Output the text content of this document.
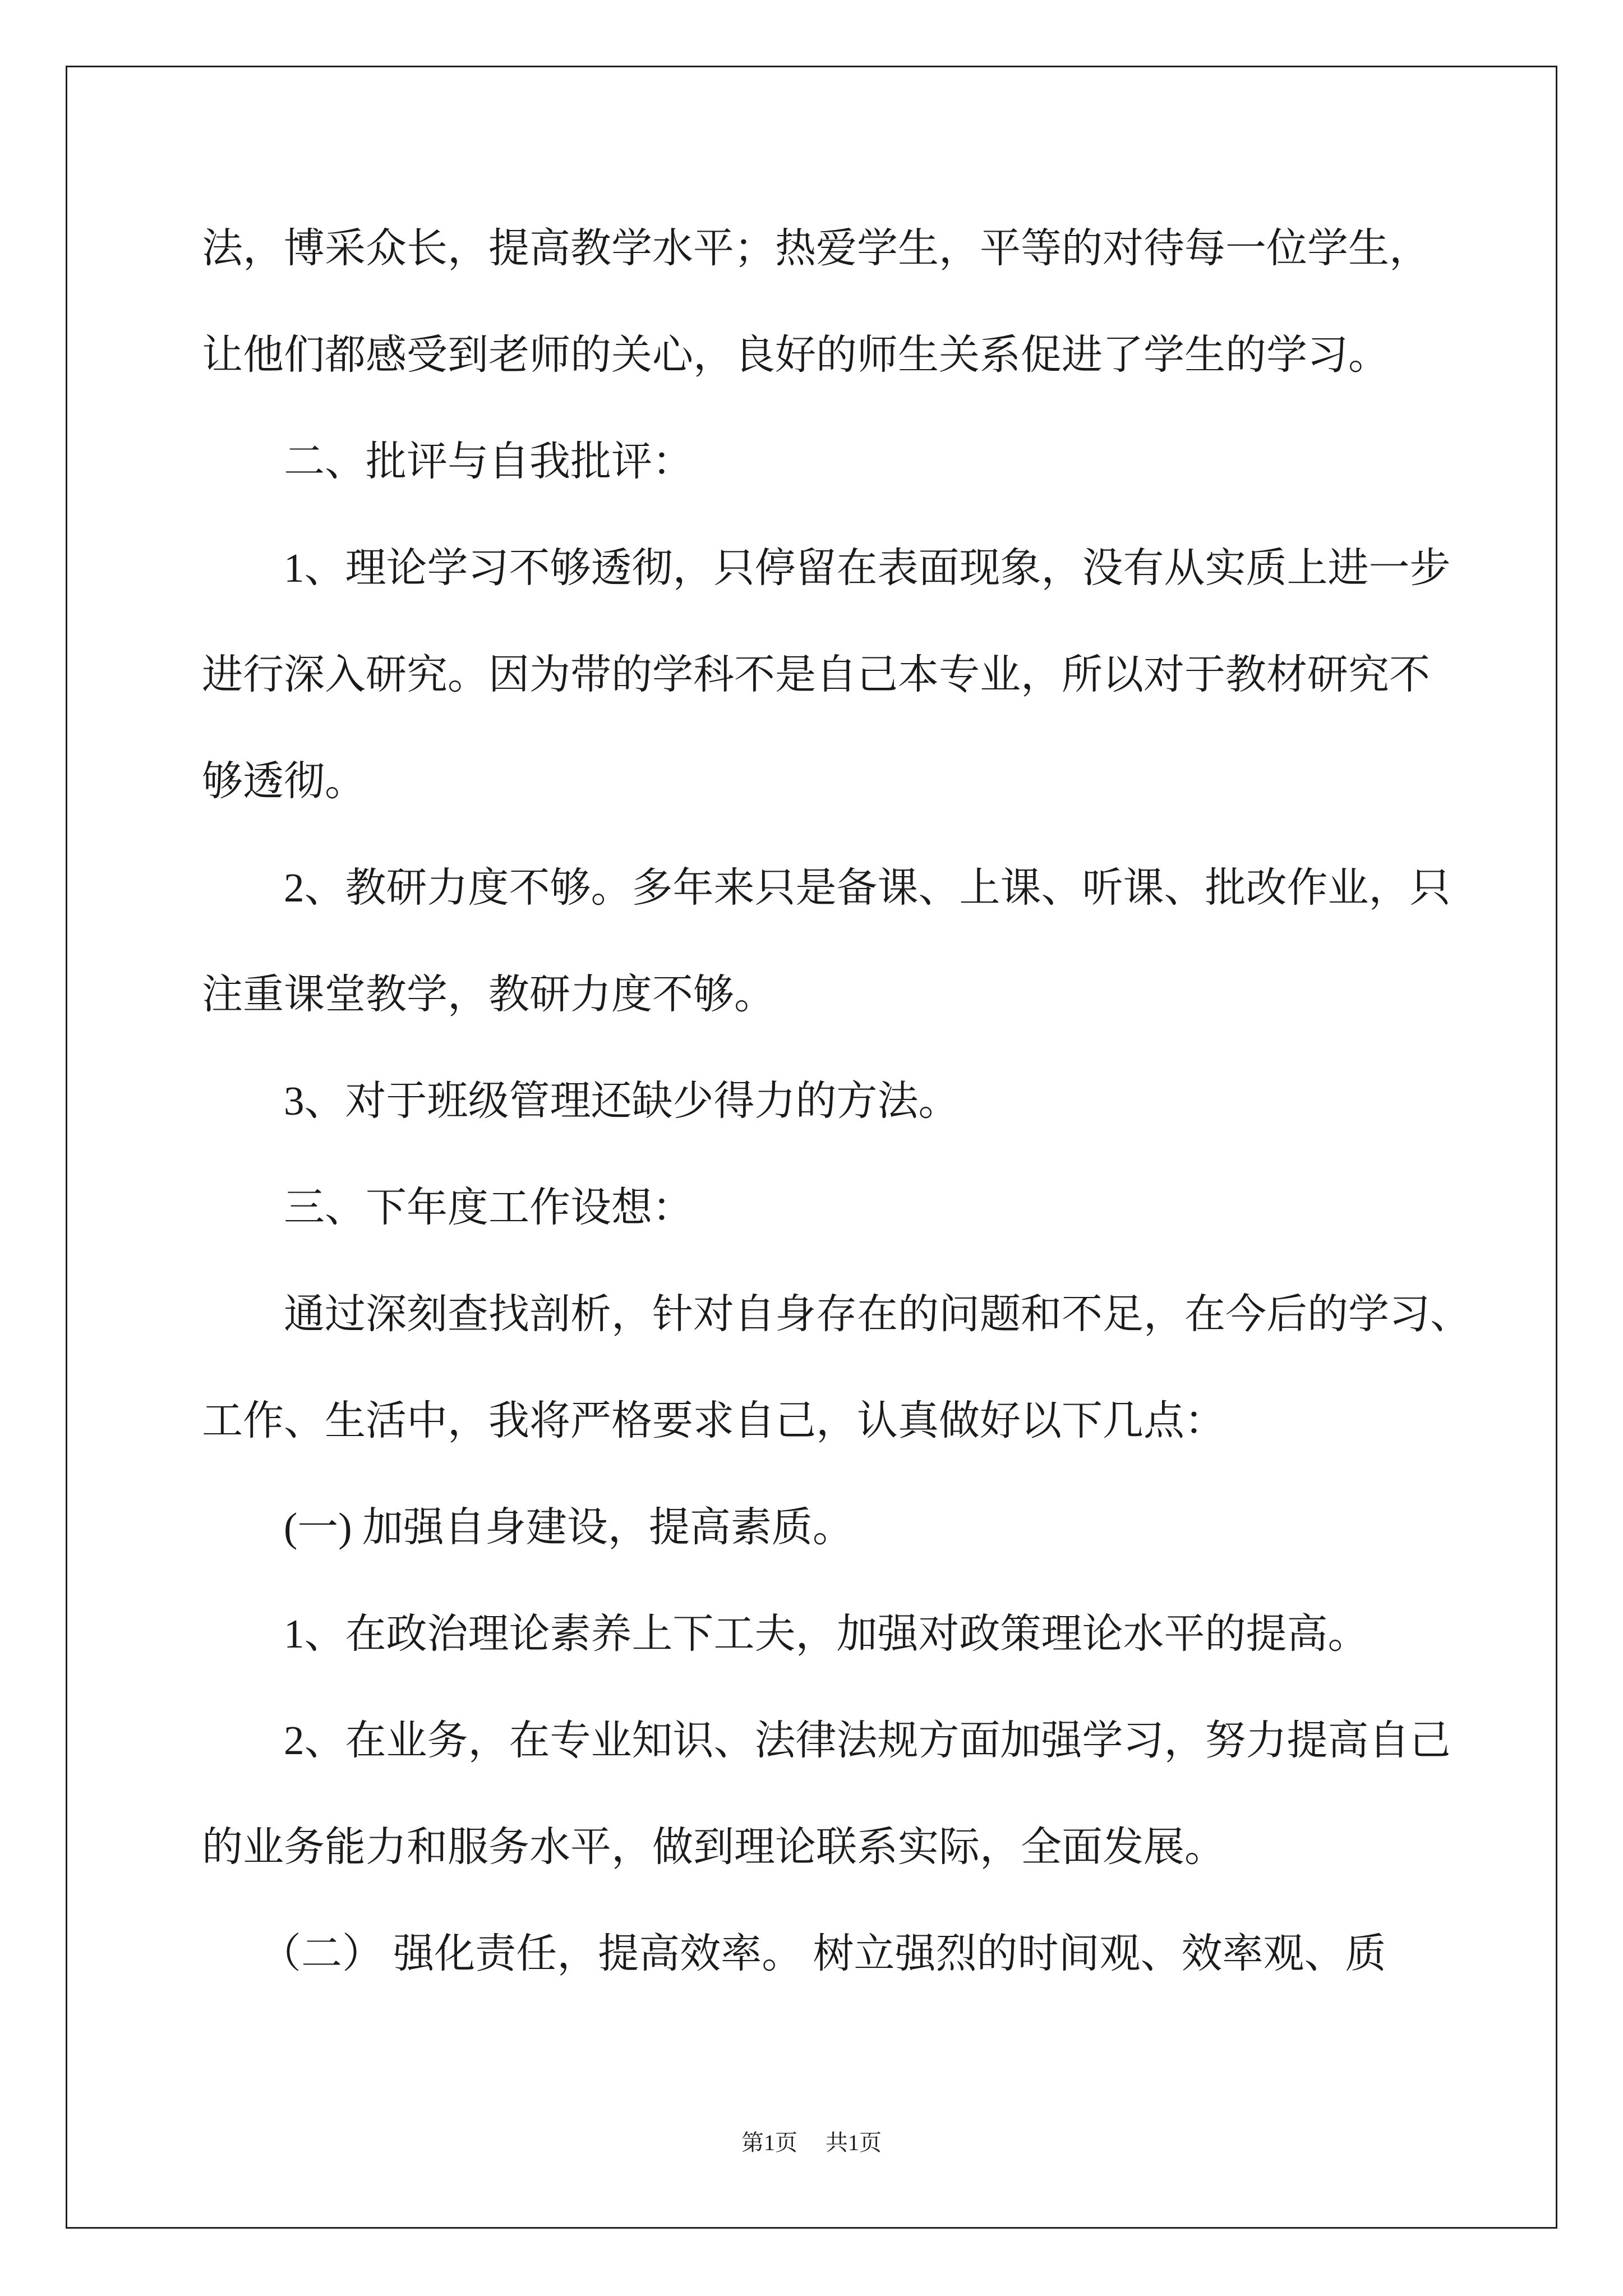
法，博采众长，提高教学水平；热爱学生，平等的对待每一位学生，
让他们都感受到老师的关心，良好的师生关系促进了学生的学习。
二、批评与自我批评：
1、理论学习不够透彻，只停留在表面现象，没有从实质上进一步
进行深入研究。因为带的学科不是自己本专业，所以对于教材研究不
够透彻。
2、教研力度不够。多年来只是备课、上课、听课、批改作业，只
注重课堂教学，教研力度不够。
3、对于班级管理还缺少得力的方法。
三、下年度工作设想：
通过深刻查找剖析，针对自身存在的问题和不足，在今后的学习、
工作、生活中，我将严格要求自己，认真做好以下几点：
(一) 加强自身建设，提高素质。
1、在政治理论素养上下工夫，加强对政策理论水平的提高。
2、在业务，在专业知识、法律法规方面加强学习，努力提高自己
的业务能力和服务水平，做到理论联系实际，全面发展。
（二） 强化责任，提高效率。 树立强烈的时间观、效率观、质
第1页 共1页
